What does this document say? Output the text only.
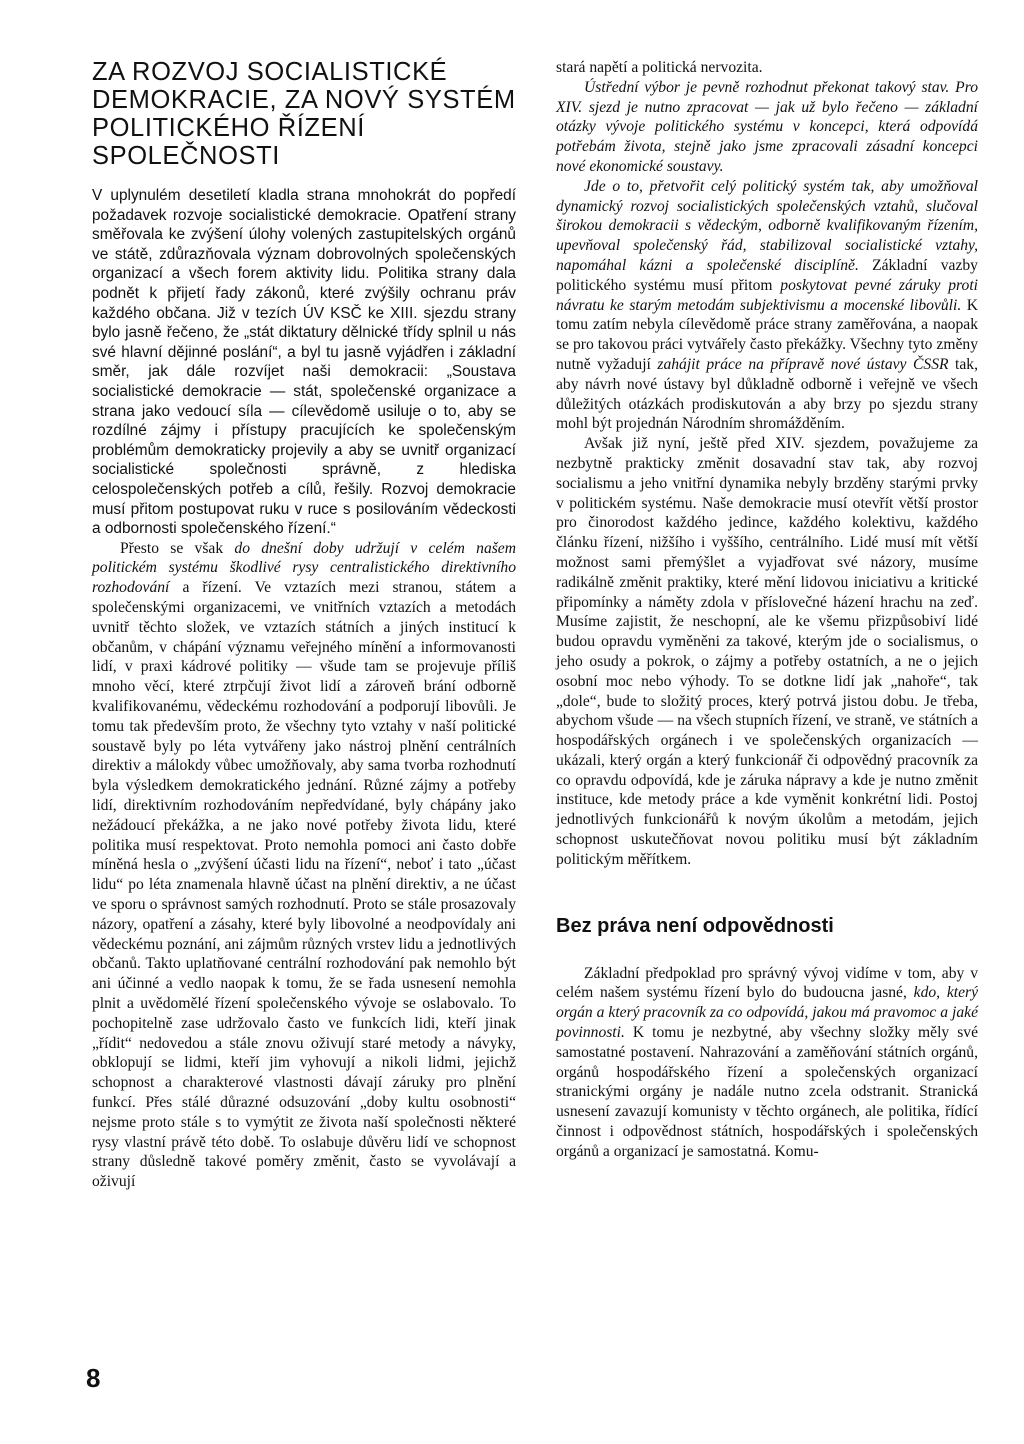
ZA ROZVOJ SOCIALISTICKÉ
DEMOKRACIE, ZA NOVÝ SYSTÉM
POLITICKÉHO ŘÍZENÍ
SPOLEČNOSTI

V uplynulém desetiletí kladla strana mnohokrát do popředí požadavek rozvoje socialistické demokracie. Opatření strany směřovala ke zvýšení úlohy volených zastupitelských orgánů ve státě, zdůrazňovala význam dobrovolných společenských organizací a všech forem aktivity lidu. Politika strany dala podnět k přijetí řady zákonů, které zvýšily ochranu práv každého občana. Již v tezích ÚV KSČ ke XIII. sjezdu strany bylo jasně řečeno, že „stát diktatury dělnické třídy splnil u nás své hlavní dějinné poslání“, a byl tu jasně vyjádřen i základní směr, jak dále rozvíjet naši demokracii: „Soustava socialistické demokracie — stát, společenské organizace a strana jako vedoucí síla — cílevědomě usiluje o to, aby se rozdílné zájmy i přístupy pracujících ke společenským problémům demokraticky projevily a aby se uvnitř organizací socialistické společnosti správně, z hlediska celospolečenských potřeb a cílů, řešily. Rozvoj demokracie musí přitom postupovat ruku v ruce s posilováním vědeckosti a odbornosti společenského řízení.“

Přesto se však do dnešní doby udržují v celém našem politickém systému škodlivé rysy centralistického direktivního rozhodování a řízení. Ve vztazích mezi stranou, státem a společenskými organizacemi, ve vnitřních vztazích a metodách uvnitř těchto složek, ve vztazích státních a jiných institucí k občanům, v chápání významu veřejného mínění a informovanosti lidí, v praxi kádrové politiky — všude tam se projevuje příliš mnoho věcí, které ztrpčují život lidí a zároveň brání odborně kvalifikovanému, vědeckému rozhodování a podporují libovůli. Je tomu tak především proto, že všechny tyto vztahy v naší politické soustavě byly po léta vytvářeny jako nástroj plnění centrálních direktiv a málokdy vůbec umožňovaly, aby sama tvorba rozhodnutí byla výsledkem demokratického jednání. Různé zájmy a potřeby lidí, direktivním rozhodováním nepředvídané, byly chápány jako nežádoucí překážka, a ne jako nové potřeby života lidu, které politika musí respektovat. Proto nemohla pomoci ani často dobře míněná hesla o „zvýšení účasti lidu na řízení“, neboť i tato „účast lidu“ po léta znamenala hlavně účast na plnění direktiv, a ne účast ve sporu o správnost samých rozhodnutí. Proto se stále prosazovaly názory, opatření a zásahy, které byly libovolné a neodpovídaly ani vědeckému poznání, ani zájmům různých vrstev lidu a jednotlivých občanů. Takto uplatňované centrální rozhodování pak nemohlo být ani účinné a vedlo naopak k tomu, že se řada usnesení nemohla plnit a uvědomělé řízení společenského vývoje se oslabovalo. To pochopitelně zase udržovalo často ve funkcích lidi, kteří jinak „řídit“ nedovedou a stále znovu oživují staré metody a návyky, obklopují se lidmi, kteří jim vyhovují a nikoli lidmi, jejichž schopnost a charakterové vlastnosti dávají záruky pro plnění funkcí. Přes stálé důrazné odsuzování „doby kultu osobnosti“ nejsme proto stále s to vymýtit ze života naší společnosti některé rysy vlastní právě této době. To oslabuje důvěru lidí ve schopnost strany důsledně takové poměry změnit, často se vyvolávají a oživují

stará napětí a politická nervozita.

Ústřední výbor je pevně rozhodnut překonat takový stav. Pro XIV. sjezd je nutno zpracovat — jak už bylo řečeno — základní otázky vývoje politického systému v koncepci, která odpovídá potřebám života, stejně jako jsme zpracovali zásadní koncepci nové ekonomické soustavy.

Jde o to, přetvořit celý politický systém tak, aby umožňoval dynamický rozvoj socialistických společenských vztahů, slučoval širokou demokracii s vědeckým, odborně kvalifikovaným řízením, upevňoval společenský řád, stabilizoval socialistické vztahy, napomáhal kázni a společenské disciplíně. Základní vazby politického systému musí přitom poskytovat pevné záruky proti návratu ke starým metodám subjektivismu a mocenské libovůli. K tomu zatím nebyla cílevědomě práce strany zaměřována, a naopak se pro takovou práci vytvářely často překážky. Všechny tyto změny nutně vyžadují zahájit práce na přípravě nové ústavy ČSSR tak, aby návrh nové ústavy byl důkladně odborně i veřejně ve všech důležitých otázkách prodiskutován a aby brzy po sjezdu strany mohl být projednán Národním shromážděním.

Avšak již nyní, ještě před XIV. sjezdem, považujeme za nezbytně prakticky změnit dosavadní stav tak, aby rozvoj socialismu a jeho vnitřní dynamika nebyly brzděny starými prvky v politickém systému. Naše demokracie musí otevřít větší prostor pro činorodost každého jedince, každého kolektivu, každého článku řízení, nižšího i vyššího, centrálního. Lidé musí mít větší možnost sami přemýšlet a vyjadřovat své názory, musíme radikálně změnit praktiky, které mění lidovou iniciativu a kritické připomínky a náměty zdola v příslovečné házení hrachu na zeď. Musíme zajistit, že neschopní, ale ke všemu přizpůsobiví lidé budou opravdu vyměněni za takové, kterým jde o socialismus, o jeho osudy a pokrok, o zájmy a potřeby ostatních, a ne o jejich osobní moc nebo výhody. To se dotkne lidí jak „nahoře“, tak „dole“, bude to složitý proces, který potrvá jistou dobu. Je třeba, abychom všude — na všech stupních řízení, ve straně, ve státních a hospodářských orgánech i ve společenských organizacích — ukázali, který orgán a který funkcionář či odpovědný pracovník za co opravdu odpovídá, kde je záruka nápravy a kde je nutno změnit instituce, kde metody práce a kde vyměnit konkrétní lidi. Postoj jednotlivých funkcionářů k novým úkolům a metodám, jejich schopnost uskutečňovat novou politiku musí být základním politickým měřítkem.

Bez práva není odpovědnosti

Základní předpoklad pro správný vývoj vidíme v tom, aby v celém našem systému řízení bylo do budoucna jasné, kdo, který orgán a který pracovník za co odpovídá, jakou má pravomoc a jaké povinnosti. K tomu je nezbytné, aby všechny složky měly své samostatné postavení. Nahrazování a zaměňování státních orgánů, orgánů hospodářského řízení a společenských organizací stranickými orgány je nadále nutno zcela odstranit. Stranická usnesení zavazují komunisty v těchto orgánech, ale politika, řídící činnost i odpovědnost státních, hospodářských i společenských orgánů a organizací je samostatná. Komu-

8
